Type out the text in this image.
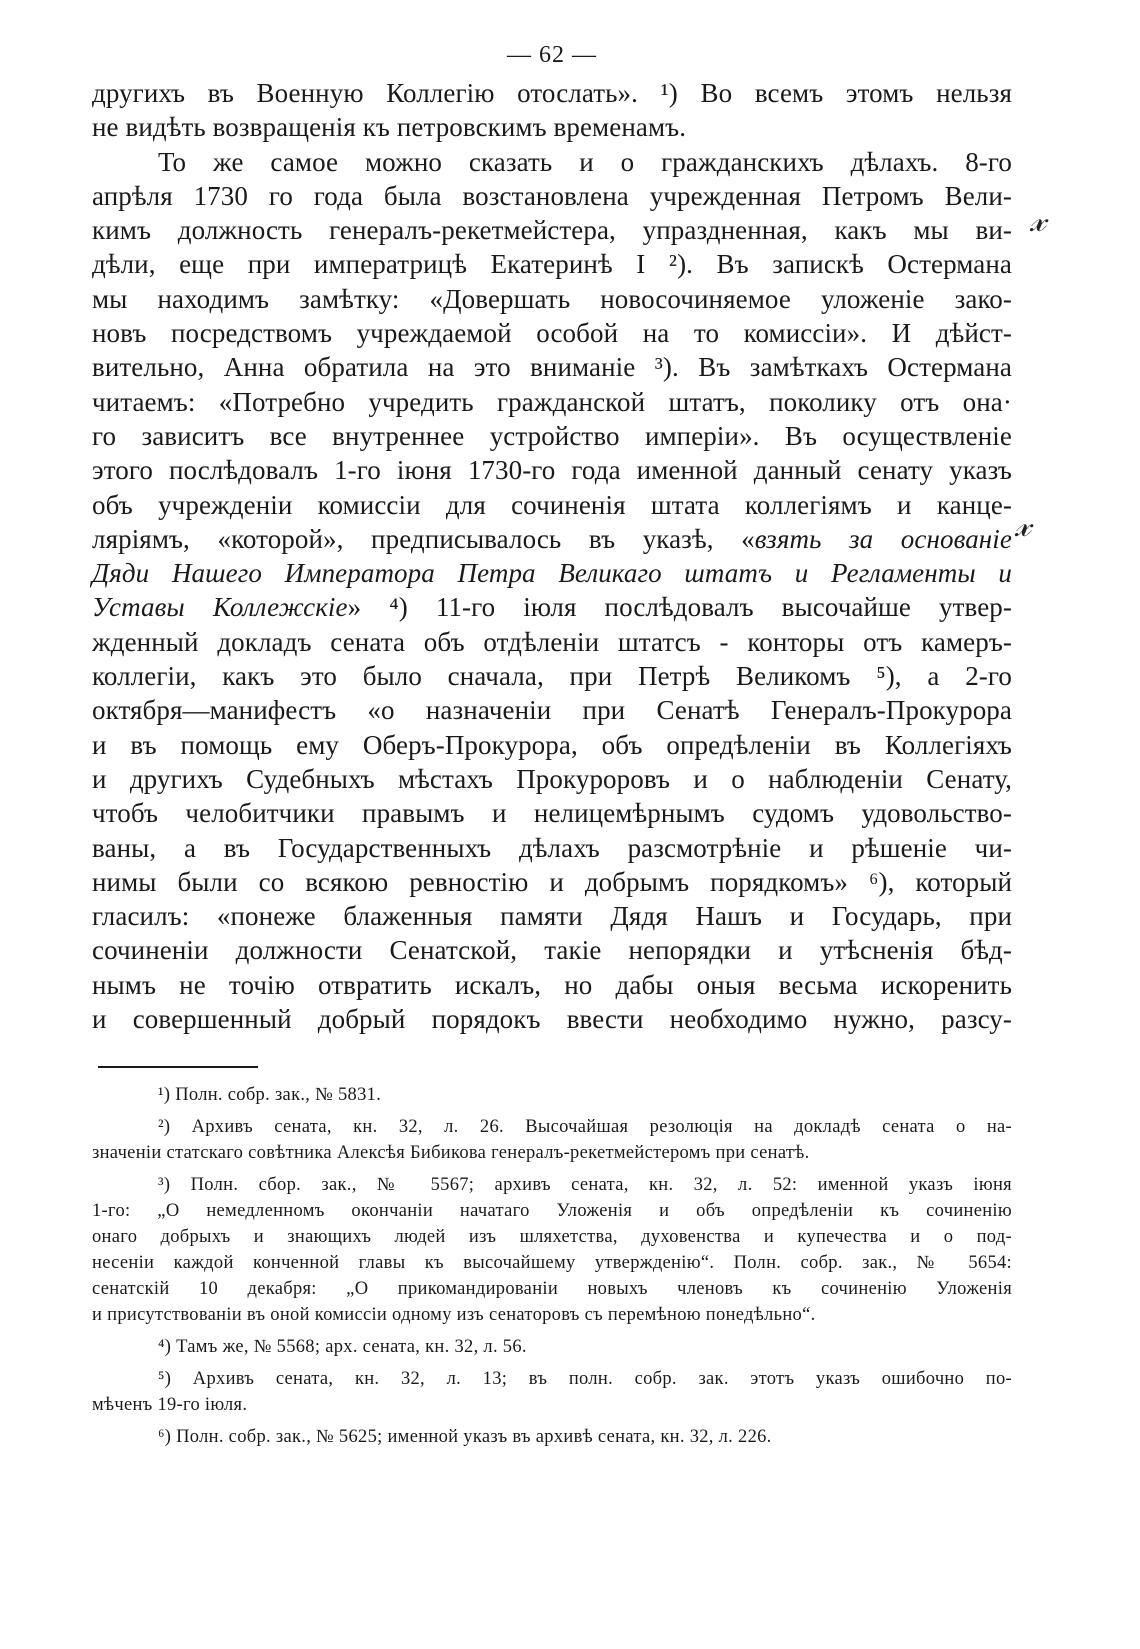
— 62 —
другихъ въ Военную Коллегію отослать». ¹) Во всемъ этомъ нельзя
не видѣть возвращенія къ петровскимъ временамъ.
То же самое можно сказать и о гражданскихъ дѣлахъ. 8-го
апрѣля 1730 го года была возстановлена учрежденная Петромъ Вели-
кимъ должность генералъ-рекетмейстера, упраздненная, какъ мы ви-
дѣли, еще при императрицѣ Екатеринѣ I ²). Въ запискѣ Остермана
мы находимъ замѣтку: «Довершать новосочиняемое уложеніе зако-
новъ посредствомъ учреждаемой особой на то комиссіи». И дѣйст-
вительно, Анна обратила на это вниманіе ³). Въ замѣткахъ Остермана
читаемъ: «Потребно учредить гражданской штатъ, поколику отъ она·
го зависитъ все внутреннее устройство имперіи». Въ осуществленіе
этого послѣдовалъ 1-го іюня 1730-го года именной данный сенату указъ
объ учрежденіи комиссіи для сочиненія штата коллегіямъ и канце-
ляріямъ, «которой», предписывалось въ указѣ, «взять за основаніе
Дяди Нашего Императора Петра Великаго штатъ и Регламенты и
Уставы Коллежскіе» ⁴) 11-го іюля послѣдовалъ высочайше утвер-
жденный докладъ сената объ отдѣленіи штатсъ - конторы отъ камеръ-
коллегіи, какъ это было сначала, при Петрѣ Великомъ ⁵), а 2-го
октября—манифестъ «о назначеніи при Сенатѣ Генералъ-Прокурора
и въ помощь ему Оберъ-Прокурора, объ опредѣленіи въ Коллегіяхъ
и другихъ Судебныхъ мѣстахъ Прокуроровъ и о наблюденіи Сенату,
чтобъ челобитчики правымъ и нелицемѣрнымъ судомъ удовольство-
ваны, а въ Государственныхъ дѣлахъ разсмотрѣніе и рѣшеніе чи-
нимы были со всякою ревностію и добрымъ порядкомъ» ⁶), который
гласилъ: «понеже блаженныя памяти Дядя Нашъ и Государь, при
сочиненіи должности Сенатской, такіе непорядки и утѣсненія бѣд-
нымъ не точію отвратить искалъ, но дабы оныя весьма искоренить
и совершенный добрый порядокъ ввести необходимо нужно, разсу-
¹) Полн. собр. зак., № 5831.
²) Архивъ сената, кн. 32, л. 26. Высочайшая резолюція на докладѣ сената о на-
значеніи статскаго совѣтника Алексѣя Бибикова генералъ-рекетмейстеромъ при сенатѣ.
³) Полн. сбор. зак., № 5567; архивъ сената, кн. 32, л. 52: именной указъ іюня
1-го: „О немедленномъ окончаніи начатаго Уложенія и объ опредѣленіи къ сочиненію
онаго добрыхъ и знающихъ людей изъ шляхетства, духовенства и купечества и о под-
несеніи каждой конченной главы къ высочайшему утвержденію“. Полн. собр. зак., № 5654:
сенатскій 10 декабря: „О прикомандированіи новыхъ членовъ къ сочиненію Уложенія
и присутствованіи въ оной комиссіи одному изъ сенаторовъ съ перемѣною понедѣльно“.
⁴) Тамъ же, № 5568; арх. сената, кн. 32, л. 56.
⁵) Архивъ сената, кн. 32, л. 13; въ полн. собр. зак. этотъ указъ ошибочно по-
мѣченъ 19-го іюля.
⁶) Полн. собр. зак., № 5625; именной указъ въ архивѣ сената, кн. 32, л. 226.
𝓍
𝓍
